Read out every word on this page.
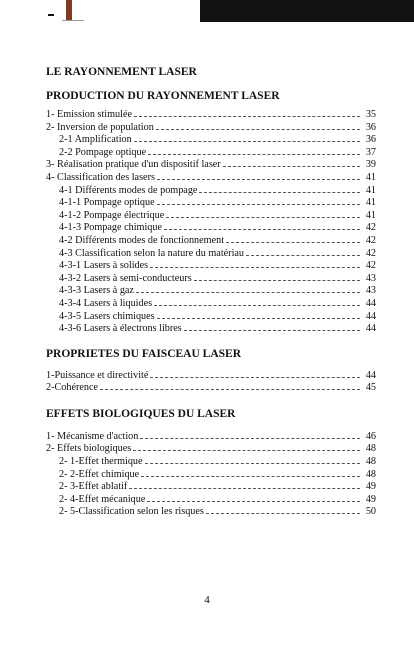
LE RAYONNEMENT LASER
PRODUCTION DU RAYONNEMENT LASER
1- Emission stimulée	35
2- Inversion de population	36
2-1 Amplification	36
2-2 Pompage optique	37
3- Réalisation pratique d'un dispositif laser	39
4- Classification des lasers	41
4-1 Différents modes de pompage	41
4-1-1 Pompage optique	41
4-1-2 Pompage électrique	41
4-1-3 Pompage chimique	42
4-2 Différents modes de fonctionnement	42
4-3 Classification selon la nature du matériau	42
4-3-1 Lasers à solides	42
4-3-2 Lasers à semi-conducteurs	43
4-3-3 Lasers à gaz	43
4-3-4 Lasers à liquides	44
4-3-5 Lasers chimiques	44
4-3-6 Lasers à électrons libres	44
PROPRIETES DU FAISCEAU LASER
1-Puissance et directivité	44
2-Cohérence	45
EFFETS BIOLOGIQUES DU LASER
1- Mécanisme d'action	46
2- Effets biologiques	48
2- 1-Effet thermique	48
2- 2-Effet chimique	48
2- 3-Effet ablatif	49
2- 4-Effet mécanique	49
2- 5-Classification selon les risques	50
4
